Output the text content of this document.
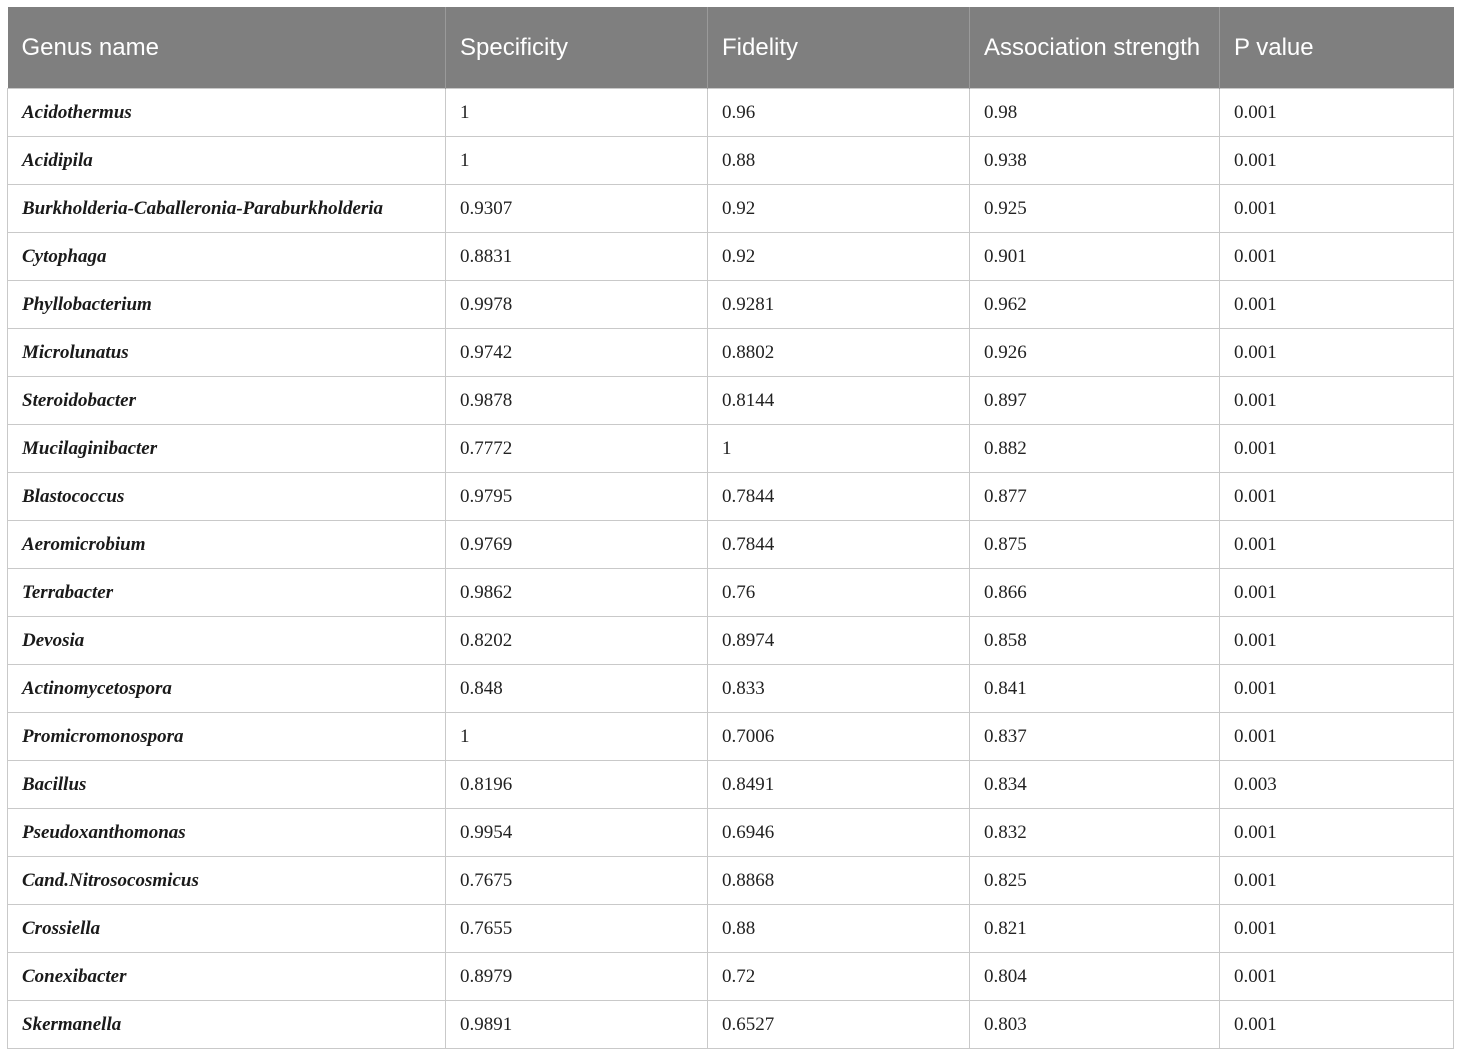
Genus name	Specificity	Fidelity	Association strength	P value
Acidothermus	1	0.96	0.98	0.001
Acidipila	1	0.88	0.938	0.001
Burkholderia-Caballeronia-Paraburkholderia	0.9307	0.92	0.925	0.001
Cytophaga	0.8831	0.92	0.901	0.001
Phyllobacterium	0.9978	0.9281	0.962	0.001
Microlunatus	0.9742	0.8802	0.926	0.001
Steroidobacter	0.9878	0.8144	0.897	0.001
Mucilaginibacter	0.7772	1	0.882	0.001
Blastococcus	0.9795	0.7844	0.877	0.001
Aeromicrobium	0.9769	0.7844	0.875	0.001
Terrabacter	0.9862	0.76	0.866	0.001
Devosia	0.8202	0.8974	0.858	0.001
Actinomycetospora	0.848	0.833	0.841	0.001
Promicromonospora	1	0.7006	0.837	0.001
Bacillus	0.8196	0.8491	0.834	0.003
Pseudoxanthomonas	0.9954	0.6946	0.832	0.001
Cand.Nitrosocosmicus	0.7675	0.8868	0.825	0.001
Crossiella	0.7655	0.88	0.821	0.001
Conexibacter	0.8979	0.72	0.804	0.001
Skermanella	0.9891	0.6527	0.803	0.001
